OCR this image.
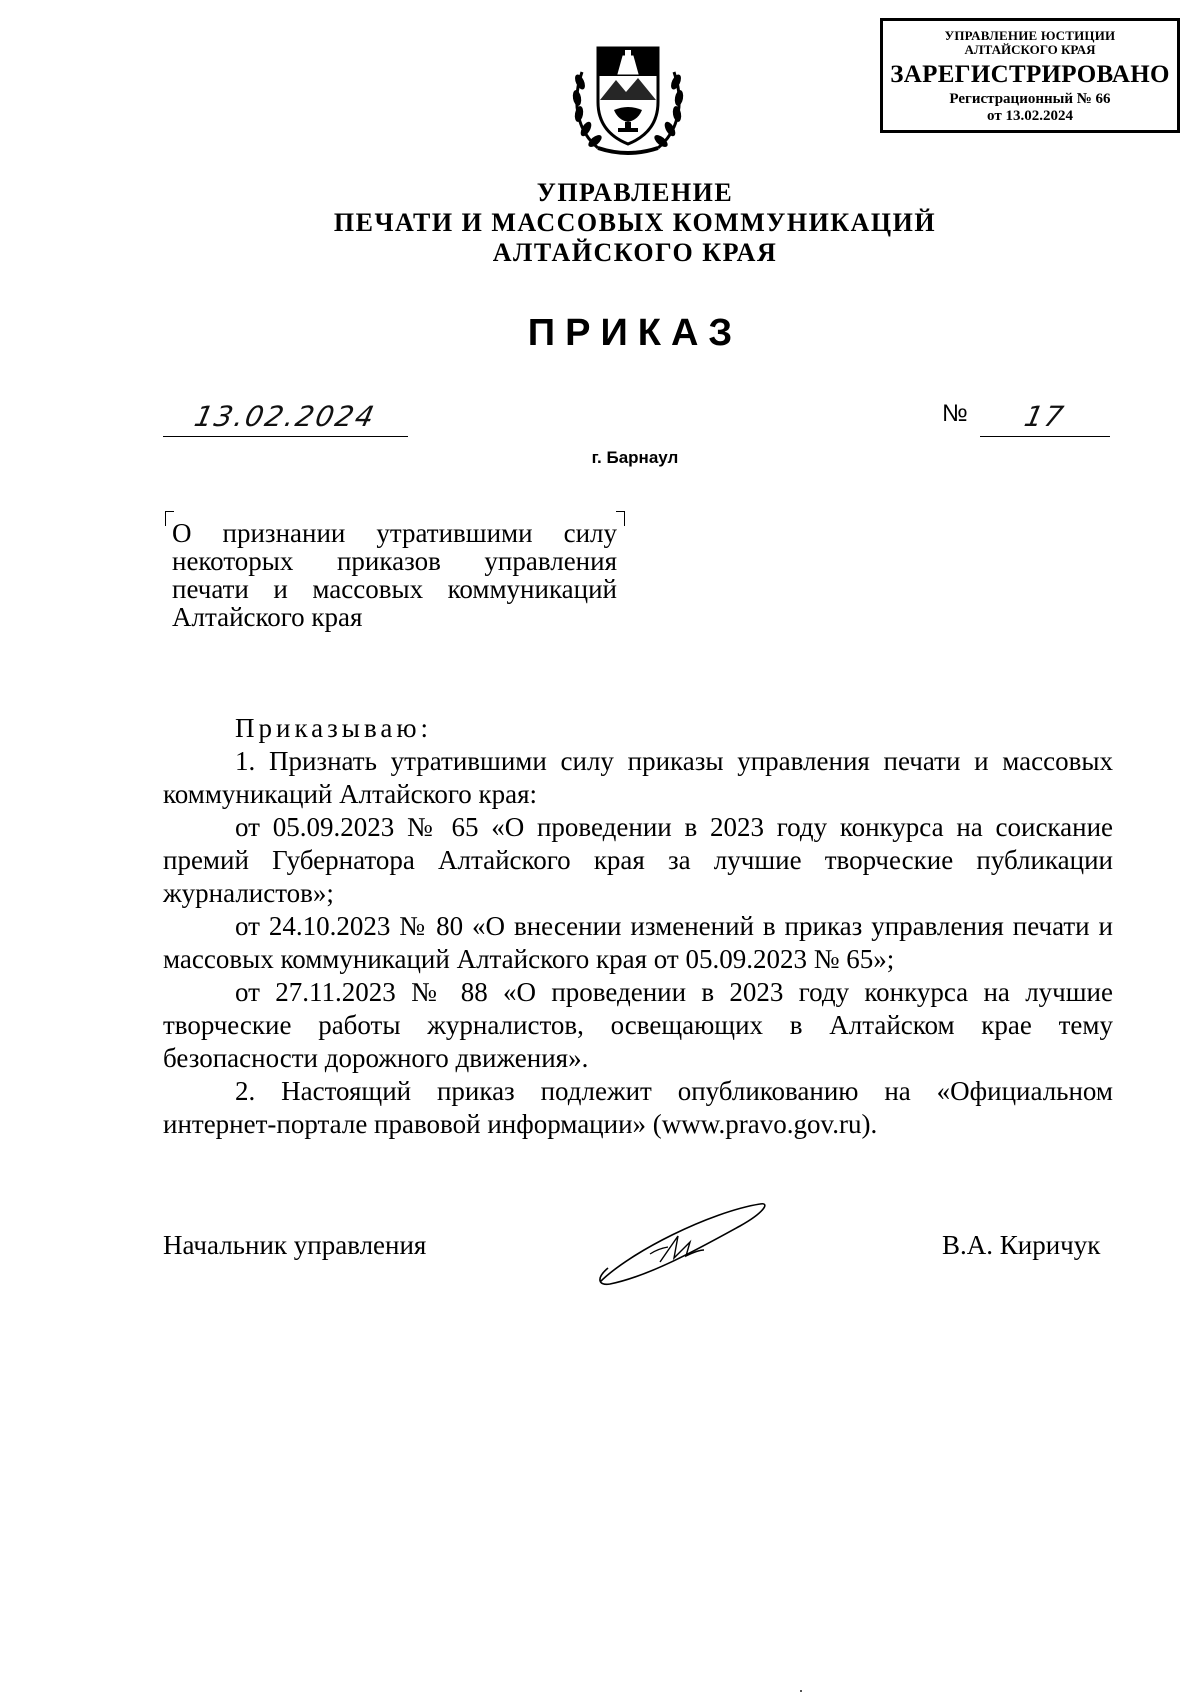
УПРАВЛЕНИЕ ЮСТИЦИИ
АЛТАЙСКОГО КРАЯ
ЗАРЕГИСТРИРОВАНО
Регистрационный № 66
от 13.02.2024
УПРАВЛЕНИЕ
ПЕЧАТИ И МАССОВЫХ КОММУНИКАЦИЙ
АЛТАЙСКОГО КРАЯ
ПРИКАЗ
13.02.2024	№	17
г. Барнаул
О признании утратившими силу
некоторых приказов управления
печати и массовых коммуникаций
Алтайского края

Приказываю:

1. Признать утратившими силу приказы управления печати и массовых коммуникаций Алтайского края:

от 05.09.2023 № 65 «О проведении в 2023 году конкурса на соискание премий Губернатора Алтайского края за лучшие творческие публикации журналистов»;

от 24.10.2023 № 80 «О внесении изменений в приказ управления печати и массовых коммуникаций Алтайского края от 05.09.2023 № 65»;

от 27.11.2023 № 88 «О проведении в 2023 году конкурса на лучшие творческие работы журналистов, освещающих в Алтайском крае тему безопасности дорожного движения».

2. Настоящий приказ подлежит опубликованию на «Официальном интернет-портале правовой информации» (www.pravo.gov.ru).

Начальник управления	В.А. Киричук
